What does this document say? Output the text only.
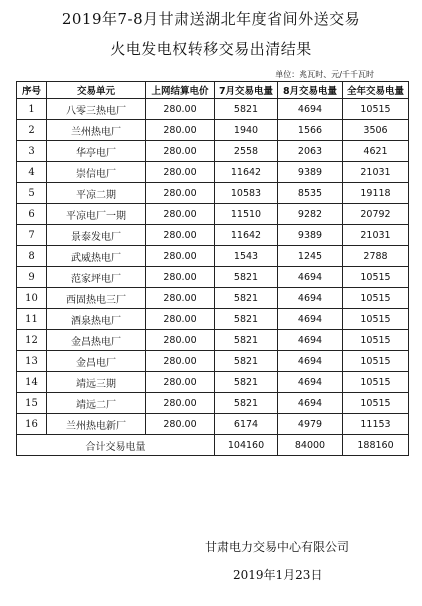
2019年7-8月甘肃送湖北年度省间外送交易
火电发电权转移交易出清结果
单位：兆瓦时、元/千千瓦时
序号	交易单元	上网结算电价	7月交易电量	8月交易电量	全年交易电量
1	八零三热电厂	280.00	5821	4694	10515
2	兰州热电厂	280.00	1940	1566	3506
3	华亭电厂	280.00	2558	2063	4621
4	崇信电厂	280.00	11642	9389	21031
5	平凉二期	280.00	10583	8535	19118
6	平凉电厂一期	280.00	11510	9282	20792
7	景泰发电厂	280.00	11642	9389	21031
8	武威热电厂	280.00	1543	1245	2788
9	范家坪电厂	280.00	5821	4694	10515
10	西固热电三厂	280.00	5821	4694	10515
11	酒泉热电厂	280.00	5821	4694	10515
12	金昌热电厂	280.00	5821	4694	10515
13	金昌电厂	280.00	5821	4694	10515
14	靖远三期	280.00	5821	4694	10515
15	靖远二厂	280.00	5821	4694	10515
16	兰州热电新厂	280.00	6174	4979	11153
合计交易电量			104160	84000	188160
甘肃电力交易中心有限公司
2019年1月23日
